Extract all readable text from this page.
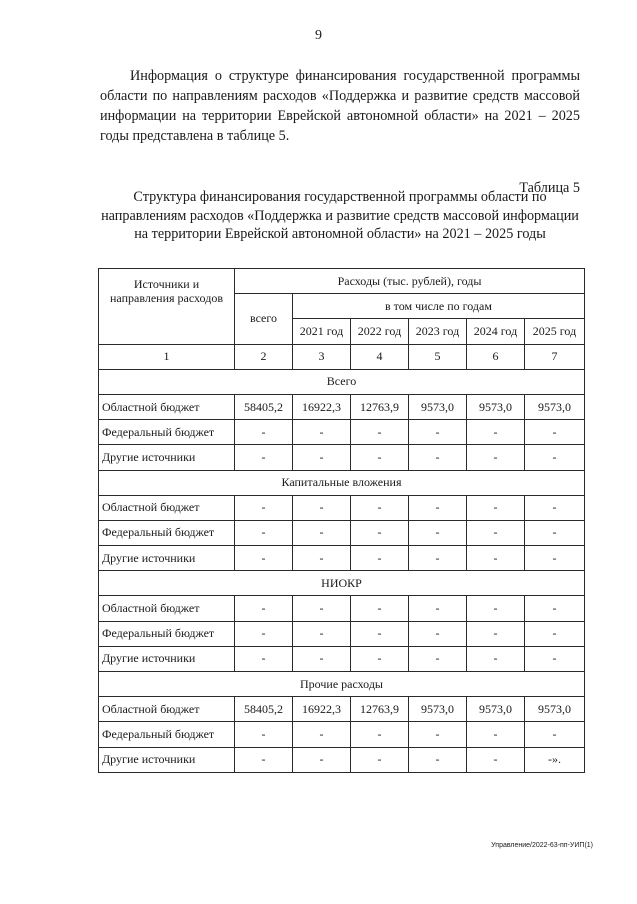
9

Информация о структуре финансирования государственной программы области по направлениям расходов «Поддержка и развитие средств массовой информации на территории Еврейской автономной области» на 2021 – 2025 годы представлена в таблице 5.

Таблица 5
Источники и направления расходов	Расходы (тыс. рублей), годы					
	всего	в том числе по годам				
		2021 год	2022 год	2023 год	2024 год	2025 год
1	2	3	4	5	6	7
Всего						
Областной бюджет	58405,2	16922,3	12763,9	9573,0	9573,0	9573,0
Федеральный бюджет	-	-	-	-	-	-
Другие источники	-	-	-	-	-	-
Капитальные вложения						
Областной бюджет	-	-	-	-	-	-
Федеральный бюджет	-	-	-	-	-	-
Другие источники	-	-	-	-	-	-
НИОКР						
Областной бюджет	-	-	-	-	-	-
Федеральный бюджет	-	-	-	-	-	-
Другие источники	-	-	-	-	-	-
Прочие расходы						
Областной бюджет	58405,2	16922,3	12763,9	9573,0	9573,0	9573,0
Федеральный бюджет	-	-	-	-	-	-
Другие источники	-	-	-	-	-	-».
Структура финансирования государственной программы области по направлениям расходов «Поддержка и развитие средств массовой информации на территории Еврейской автономной области» на 2021 – 2025 годы
Управление/2022-63-пп-УИП(1)
